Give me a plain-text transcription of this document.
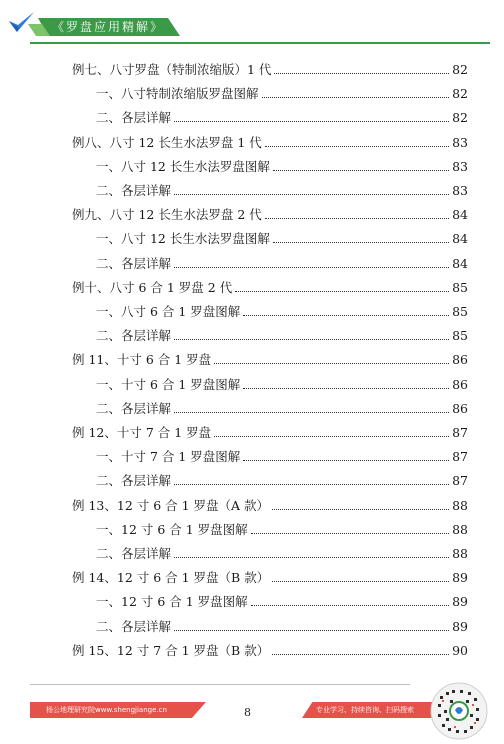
《罗盘应用精解》
例七、八寸罗盘（特制浓缩版）1 代	82
一、八寸特制浓缩版罗盘图解	82
二、各层详解	82
例八、八寸 12 长生水法罗盘 1 代	83
一、八寸 12 长生水法罗盘图解	83
二、各层详解	83
例九、八寸 12 长生水法罗盘 2 代	84
一、八寸 12 长生水法罗盘图解	84
二、各层详解	84
例十、八寸 6 合 1 罗盘 2 代	85
一、八寸 6 合 1 罗盘图解	85
二、各层详解	85
例 11、十寸 6 合 1 罗盘	86
一、十寸 6 合 1 罗盘图解	86
二、各层详解	86
例 12、十寸 7 合 1 罗盘	87
一、十寸 7 合 1 罗盘图解	87
二、各层详解	87
例 13、12 寸 6 合 1 罗盘（A 款）	88
一、12 寸 6 合 1 罗盘图解	88
二、各层详解	88
例 14、12 寸 6 合 1 罗盘（B 款）	89
一、12 寸 6 合 1 罗盘图解	89
二、各层详解	89
例 15、12 寸 7 合 1 罗盘（B 款）	90
杨公地理研究院www.shengjiange.cn	8	专业学习、持续咨询、扫码搜索
